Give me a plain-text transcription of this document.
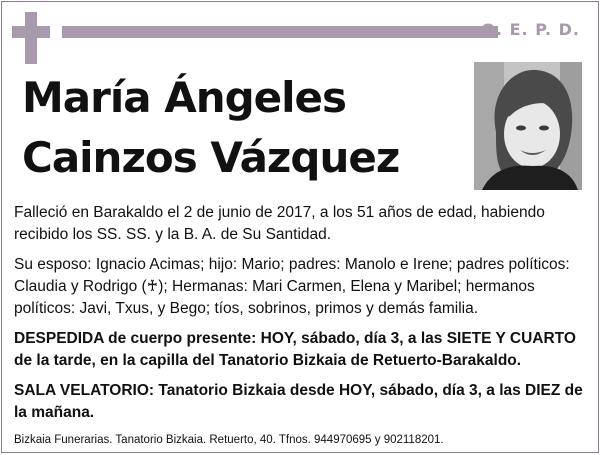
Q. E. P. D.
María Ángeles
Cainzos Vázquez

Falleció en Barakaldo el 2 de junio de 2017, a los 51 años de edad, habiendo recibido los SS. SS. y la B. A. de Su Santidad.

Su esposo: Ignacio Acimas; hijo: Mario; padres: Manolo e Irene; padres políticos: Claudia y Rodrigo (♰); Hermanas: Mari Carmen, Elena y Maribel; hermanos políticos: Javi, Txus, y Bego; tíos, sobrinos, primos y demás familia.

DESPEDIDA de cuerpo presente: HOY, sábado, día 3, a las SIETE Y CUARTO de la tarde, en la capilla del Tanatorio Bizkaia de Retuerto-Barakaldo.

SALA VELATORIO: Tanatorio Bizkaia desde HOY, sábado, día 3, a las DIEZ de la mañana.

Bizkaia Funerarias. Tanatorio Bizkaia. Retuerto, 40. Tfnos. 944970695 y 902118201.
